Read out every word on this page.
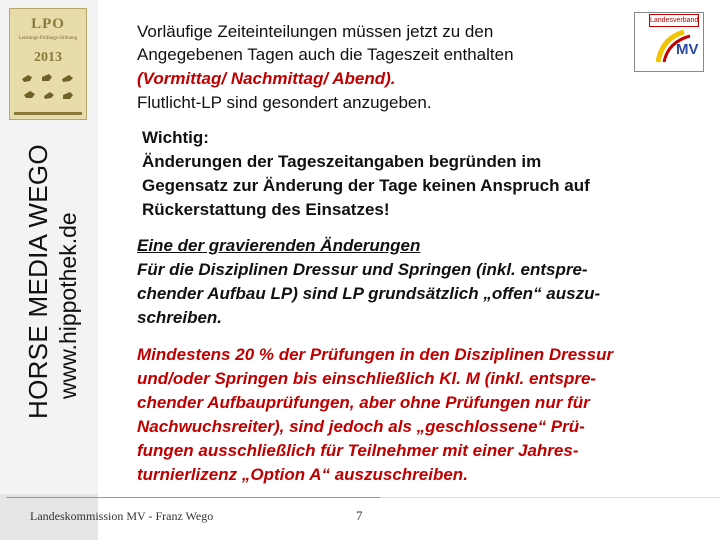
LPO
Leistungs-Prüfungs-Ordnung
2013
HORSE MEDIA WEGO www.hippothek.de
MV
Landesverband
Vorläufige Zeiteinteilungen müssen jetzt zu den
Angegebenen Tagen auch die Tageszeit enthalten
(Vormittag/ Nachmittag/ Abend).
Flutlicht-LP sind gesondert anzugeben.
Wichtig:
Änderungen der Tageszeitangaben begründen im
Gegensatz zur Änderung der Tage keinen Anspruch auf
Rückerstattung des Einsatzes!
Eine der gravierenden Änderungen
Für die Disziplinen Dressur und Springen (inkl. entspre-
chender Aufbau LP) sind LP grundsätzlich „offen“ auszu-
schreiben.
Mindestens 20 % der Prüfungen in den Disziplinen Dressur
und/oder Springen bis einschließlich Kl. M (inkl. entspre-
chender Aufbauprüfungen, aber ohne Prüfungen nur für
Nachwuchsreiter), sind jedoch als „geschlossene“ Prü-
fungen ausschließlich für Teilnehmer mit einer Jahres-
turnierlizenz „Option A“ auszuschreiben.
Landeskommission MV - Franz Wego	7
